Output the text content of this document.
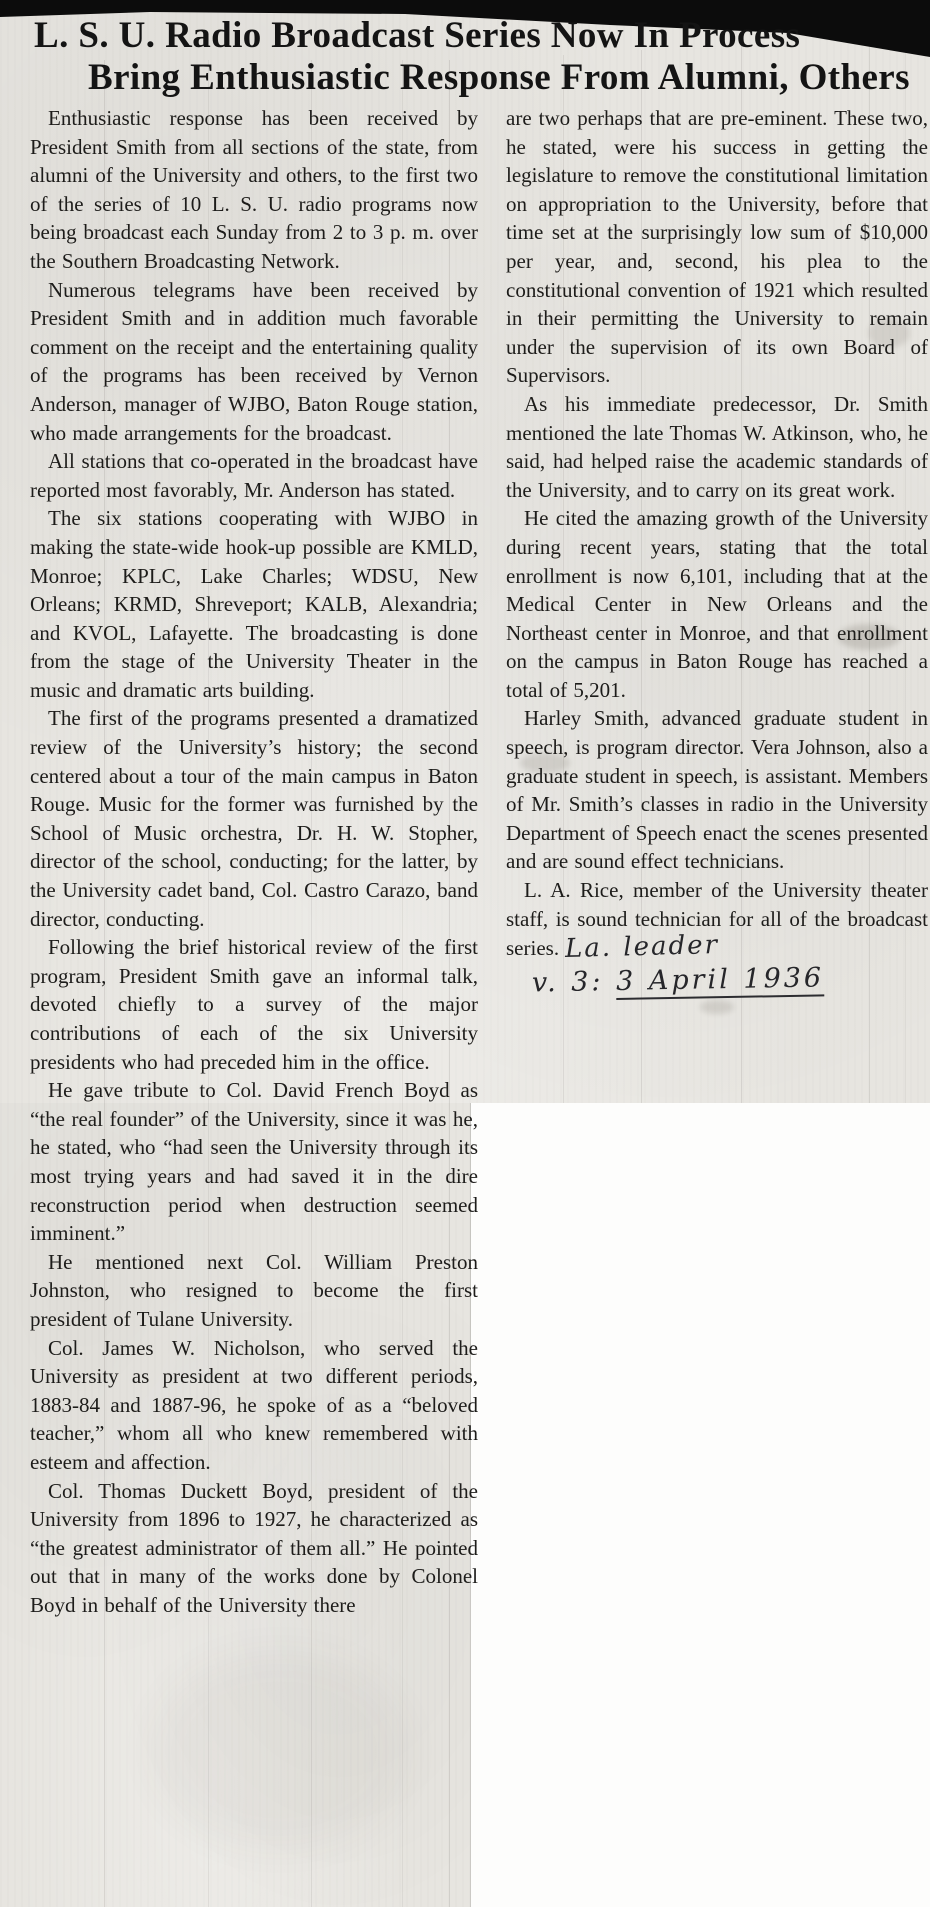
L. S. U. Radio Broadcast Series Now In Process
Bring Enthusiastic Response From Alumni, Others

Enthusiastic response has been received by President Smith from all sections of the state, from alumni of the University and others, to the first two of the series of 10 L. S. U. radio programs now being broadcast each Sunday from 2 to 3 p. m. over the Southern Broadcasting Network.

Numerous telegrams have been received by President Smith and in addition much favorable comment on the receipt and the entertaining quality of the programs has been received by Vernon Anderson, manager of WJBO, Baton Rouge station, who made arrangements for the broadcast.

All stations that co-operated in the broadcast have reported most favorably, Mr. Anderson has stated.

The six stations cooperating with WJBO in making the state-wide hook-up possible are KMLD, Monroe; KPLC, Lake Charles; WDSU, New Orleans; KRMD, Shreveport; KALB, Alexandria; and KVOL, Lafayette. The broadcasting is done from the stage of the University Theater in the music and dramatic arts building.

The first of the programs presented a dramatized review of the University’s history; the second centered about a tour of the main campus in Baton Rouge. Music for the former was furnished by the School of Music orchestra, Dr. H. W. Stopher, director of the school, conducting; for the latter, by the University cadet band, Col. Castro Carazo, band director, conducting.

Following the brief historical review of the first program, President Smith gave an informal talk, devoted chiefly to a survey of the major contributions of each of the six University presidents who had preceded him in the office.

He gave tribute to Col. David French Boyd as “the real founder” of the University, since it was he, he stated, who “had seen the University through its most trying years and had saved it in the dire reconstruction period when destruction seemed imminent.”

He mentioned next Col. William Preston Johnston, who resigned to become the first president of Tulane University.

Col. James W. Nicholson, who served the University as president at two different periods, 1883-84 and 1887-96, he spoke of as a “beloved teacher,” whom all who knew remembered with esteem and affection.

Col. Thomas Duckett Boyd, president of the University from 1896 to 1927, he characterized as “the greatest administrator of them all.” He pointed out that in many of the works done by Colonel Boyd in behalf of the University there

are two perhaps that are pre-eminent. These two, he stated, were his success in getting the legislature to remove the constitutional limitation on appropriation to the University, before that time set at the surprisingly low sum of $10,000 per year, and, second, his plea to the constitutional convention of 1921 which resulted in their permitting the University to remain under the supervision of its own Board of Supervisors.

As his immediate predecessor, Dr. Smith mentioned the late Thomas W. Atkinson, who, he said, had helped raise the academic standards of the University, and to carry on its great work.

He cited the amazing growth of the University during recent years, stating that the total enrollment is now 6,101, including that at the Medical Center in New Orleans and the Northeast center in Monroe, and that enrollment on the campus in Baton Rouge has reached a total of 5,201.

Harley Smith, advanced graduate student in speech, is program director. Vera Johnson, also a graduate student in speech, is assistant. Members of Mr. Smith’s classes in radio in the University Department of Speech enact the scenes presented and are sound effect technicians.

L. A. Rice, member of the University theater staff, is sound technician for all of the broadcast series. La. leader

v. 3: 3 April 1936
